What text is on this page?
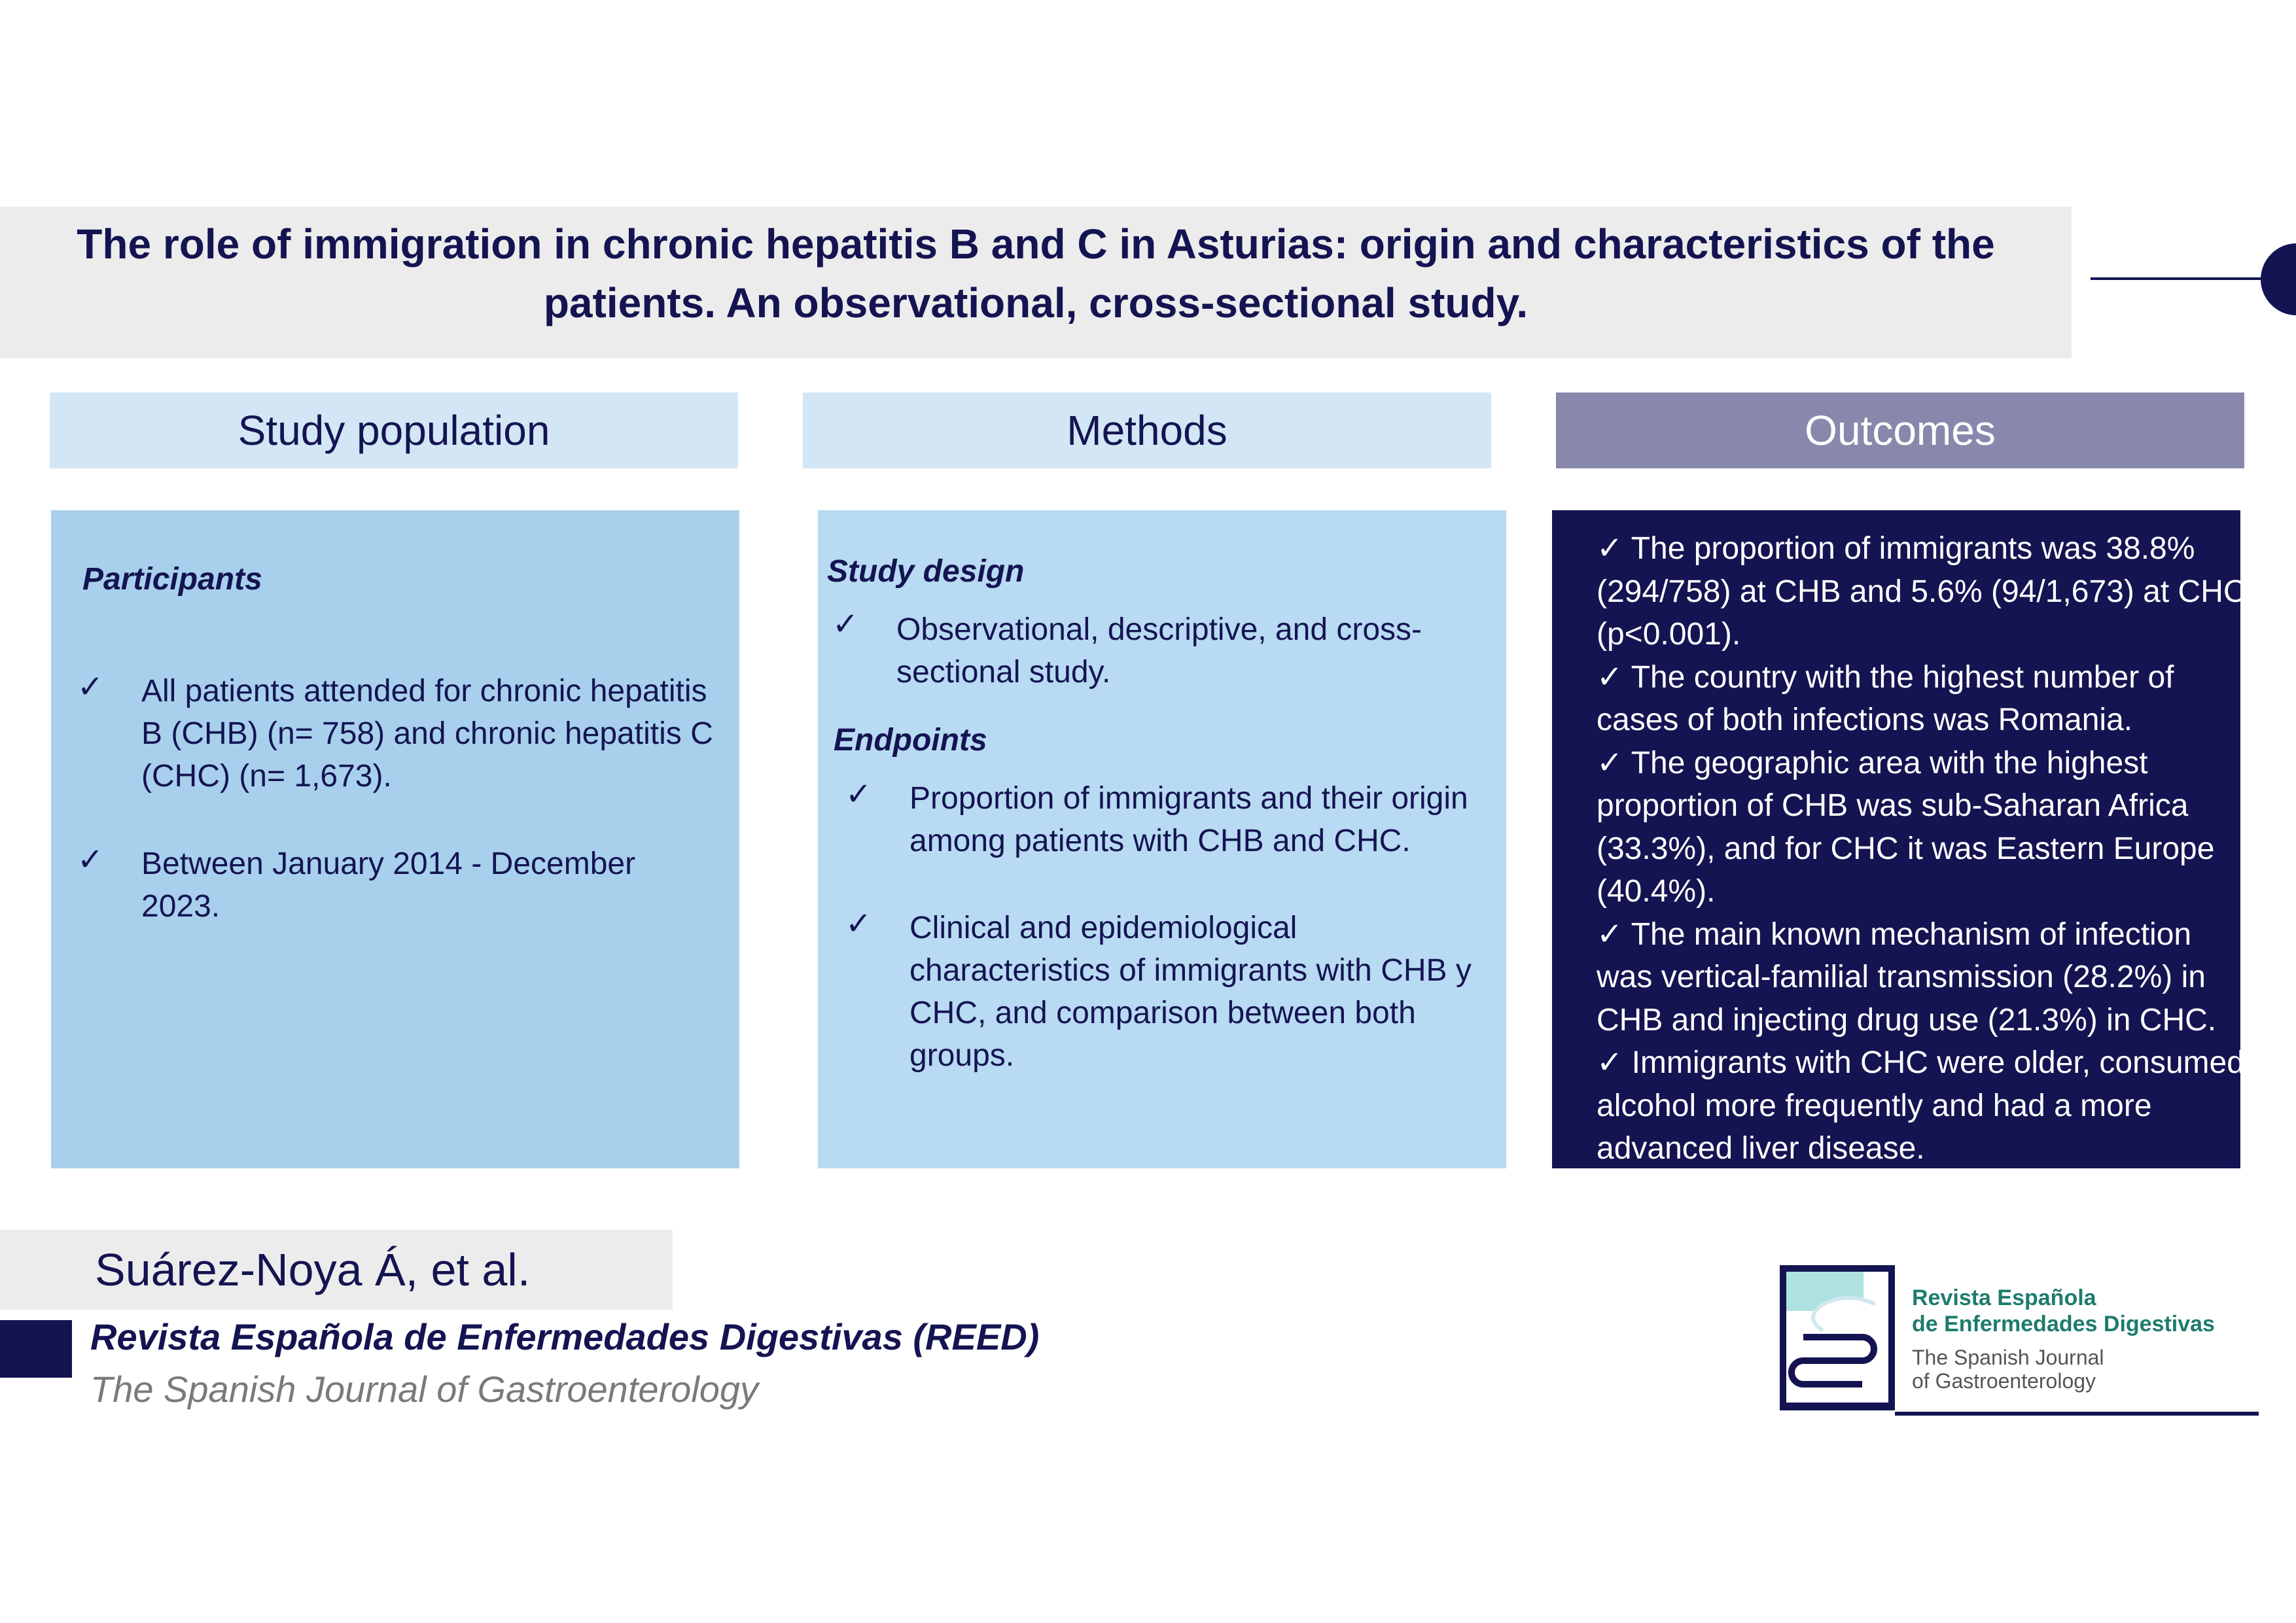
The role of immigration in chronic hepatitis B and C in Asturias: origin and characteristics of the patients. An observational, cross-sectional study.
Study population	Methods	Outcomes
Participants
✓ All patients attended for chronic hepatitis B (CHB) (n= 758) and chronic hepatitis C (CHC) (n= 1,673).
✓ Between January 2014 - December 2023.
Study design
✓ Observational, descriptive, and cross-sectional study.
Endpoints
✓ Proportion of immigrants and their origin among patients with CHB and CHC.
✓ Clinical and epidemiological characteristics of immigrants with CHB y CHC, and comparison between both groups.

✓ The proportion of immigrants was 38.8% (294/758) at CHB and 5.6% (94/1,673) at CHC (p<0.001).

✓ The country with the highest number of cases of both infections was Romania.

✓ The geographic area with the highest proportion of CHB was sub-Saharan Africa (33.3%), and for CHC it was Eastern Europe (40.4%).

✓ The main known mechanism of infection was vertical-familial transmission (28.2%) in CHB and injecting drug use (21.3%) in CHC.

✓ Immigrants with CHC were older, consumed alcohol more frequently and had a more advanced liver disease.

Suárez-Noya Á, et al.
Revista Española de Enfermedades Digestivas (REED)
The Spanish Journal of Gastroenterology
Revista Española
de Enfermedades Digestivas
The Spanish Journal
of Gastroenterology
